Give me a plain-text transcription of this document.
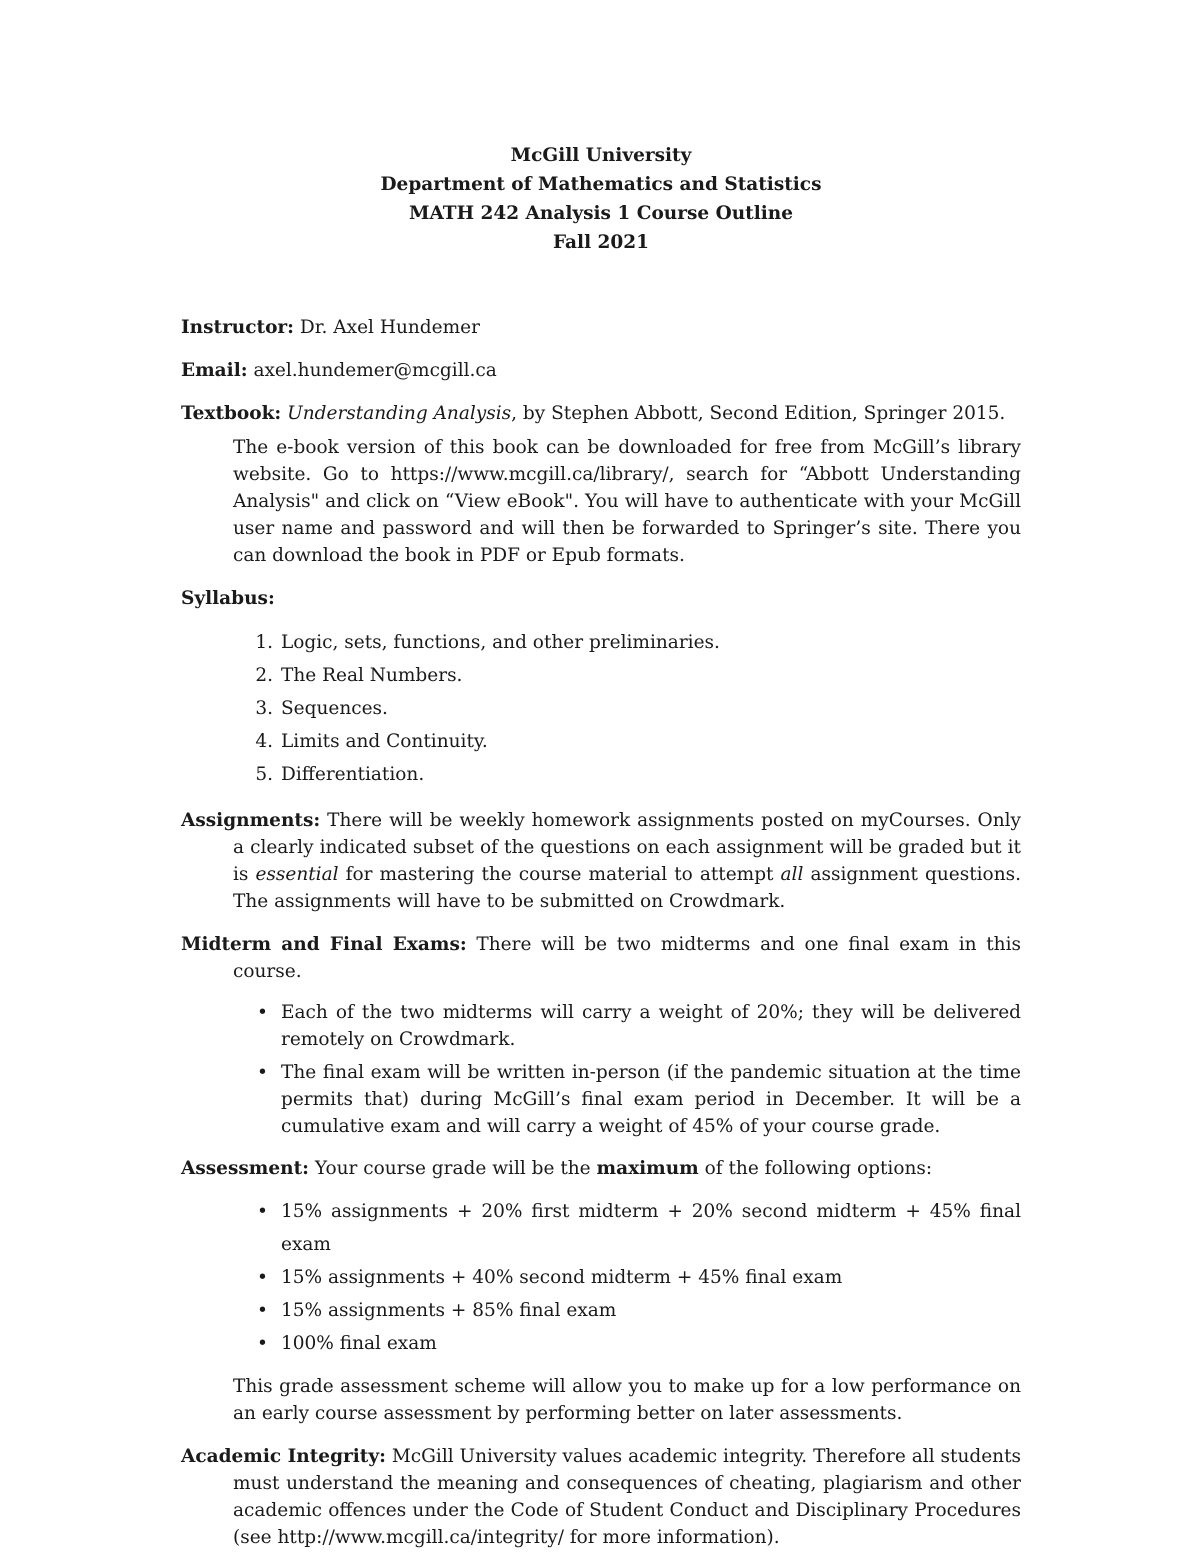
McGill University
Department of Mathematics and Statistics
MATH 242 Analysis 1 Course Outline
Fall 2021
Instructor: Dr. Axel Hundemer
Email: axel.hundemer@mcgill.ca
Textbook: Understanding Analysis, by Stephen Abbott, Second Edition, Springer 2015.
The e-book version of this book can be downloaded for free from McGill’s library website. Go to https://www.mcgill.ca/library/, search for “Abbott Understanding Analysis" and click on “View eBook". You will have to authenticate with your McGill user name and password and will then be forwarded to Springer’s site. There you can download the book in PDF or Epub formats.
Syllabus:
1. Logic, sets, functions, and other preliminaries.
2. The Real Numbers.
3. Sequences.
4. Limits and Continuity.
5. Differentiation.
Assignments: There will be weekly homework assignments posted on myCourses. Only a clearly indicated subset of the questions on each assignment will be graded but it is essential for mastering the course material to attempt all assignment questions. The assignments will have to be submitted on Crowdmark.
Midterm and Final Exams: There will be two midterms and one final exam in this course.
• Each of the two midterms will carry a weight of 20%; they will be delivered remotely on Crowdmark.
• The final exam will be written in-person (if the pandemic situation at the time permits that) during McGill’s final exam period in December. It will be a cumulative exam and will carry a weight of 45% of your course grade.
Assessment: Your course grade will be the maximum of the following options:
• 15% assignments + 20% first midterm + 20% second midterm + 45% final exam
• 15% assignments + 40% second midterm + 45% final exam
• 15% assignments + 85% final exam
• 100% final exam
This grade assessment scheme will allow you to make up for a low performance on an early course assessment by performing better on later assessments.
Academic Integrity: McGill University values academic integrity. Therefore all students must understand the meaning and consequences of cheating, plagiarism and other academic offences under the Code of Student Conduct and Disciplinary Procedures (see http://www.mcgill.ca/integrity/ for more information).
